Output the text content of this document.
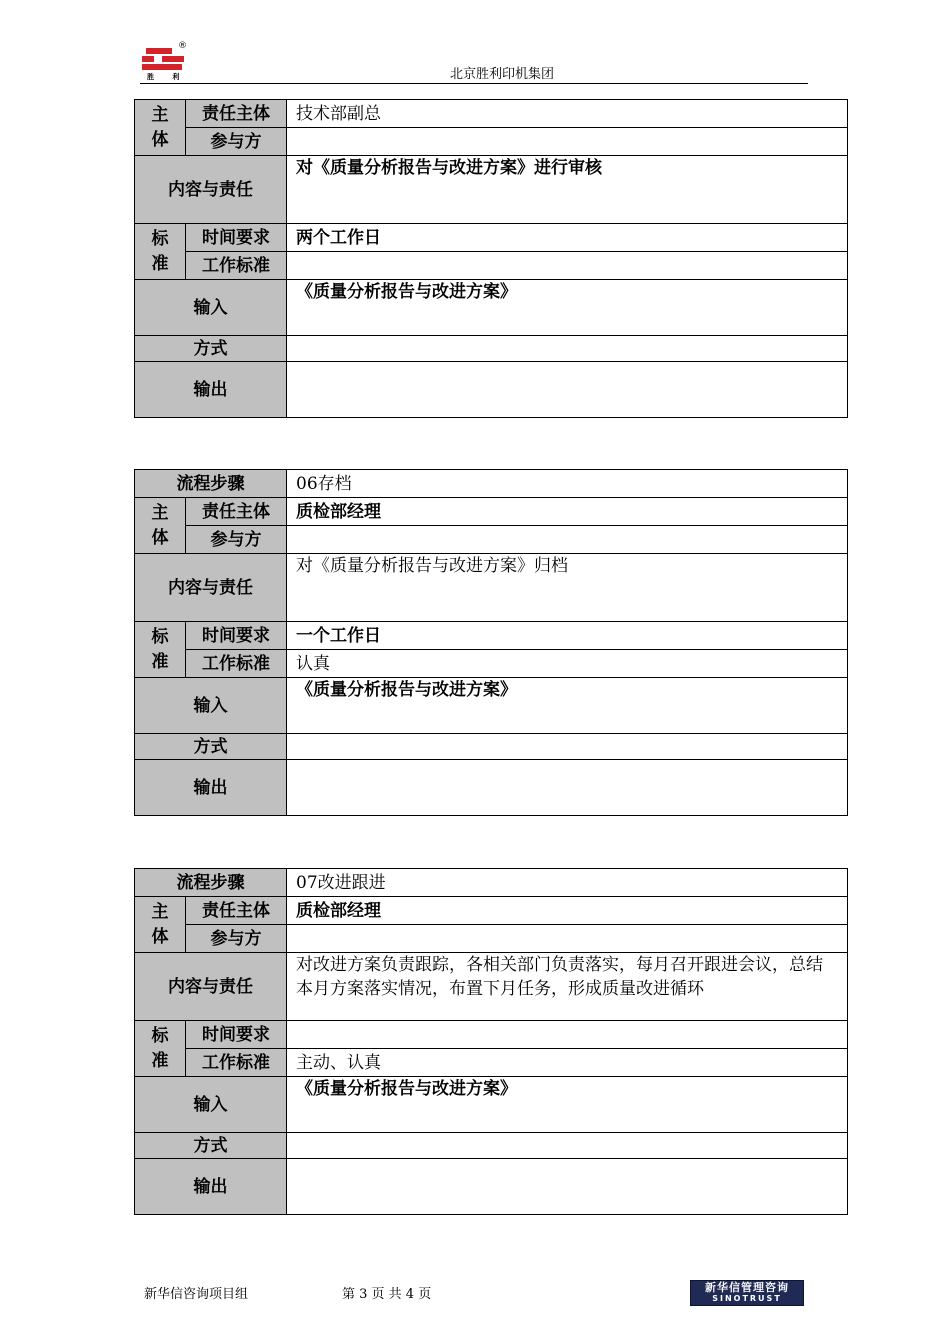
®
胜 利	北京胜利印机集团
主
体	责任主体	技术部副总
	参与方	
内容与责任		对《质量分析报告与改进方案》进行审核
标
准	时间要求	两个工作日
	工作标准	
输入		《质量分析报告与改进方案》
方式		
输出		
流程步骤		06存档
主
体	责任主体	质检部经理
	参与方	
内容与责任		对《质量分析报告与改进方案》归档
标
准	时间要求	一个工作日
	工作标准	认真
输入		《质量分析报告与改进方案》
方式		
输出		
流程步骤		07改进跟进
主
体	责任主体	质检部经理
	参与方	
内容与责任		对改进方案负责跟踪，各相关部门负责落实，每月召开跟进会议，总结本月方案落实情况，布置下月任务，形成质量改进循环
标
准	时间要求	
	工作标准	主动、认真
输入		《质量分析报告与改进方案》
方式		
输出		
新华信咨询项目组	第 3 页 共 4 页	新华信管理咨询
SINOTRUST
